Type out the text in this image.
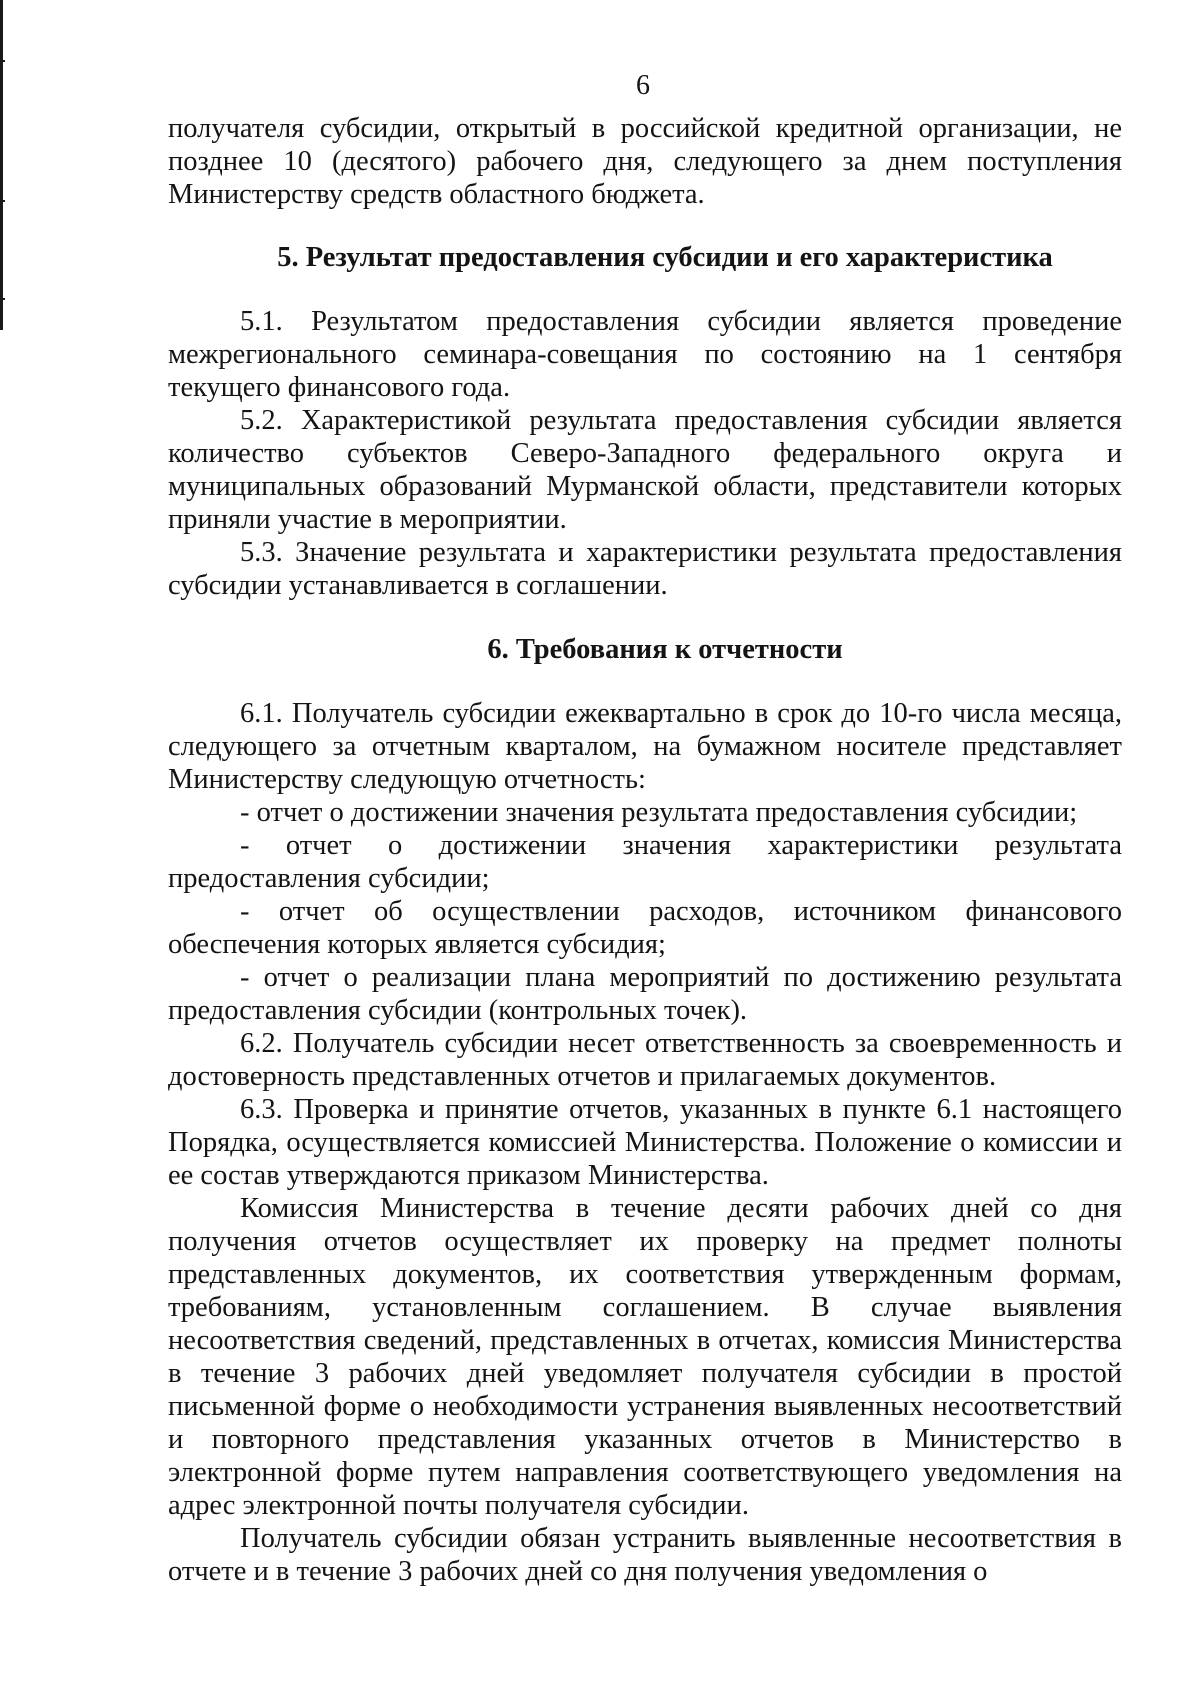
6

получателя субсидии, открытый в российской кредитной организации, не позднее 10 (десятого) рабочего дня, следующего за днем поступления Министерству средств областного бюджета.

5. Результат предоставления субсидии и его характеристика

5.1. Результатом предоставления субсидии является проведение межрегионального семинара-совещания по состоянию на 1 сентября текущего финансового года.

5.2. Характеристикой результата предоставления субсидии является количество субъектов Северо-Западного федерального округа и муниципальных образований Мурманской области, представители которых приняли участие в мероприятии.

5.3. Значение результата и характеристики результата предоставления субсидии устанавливается в соглашении.

6. Требования к отчетности

6.1. Получатель субсидии ежеквартально в срок до 10-го числа месяца, следующего за отчетным кварталом, на бумажном носителе представляет Министерству следующую отчетность:

- отчет о достижении значения результата предоставления субсидии;

- отчет о достижении значения характеристики результата предоставления субсидии;

- отчет об осуществлении расходов, источником финансового обеспечения которых является субсидия;

- отчет о реализации плана мероприятий по достижению результата предоставления субсидии (контрольных точек).

6.2. Получатель субсидии несет ответственность за своевременность и достоверность представленных отчетов и прилагаемых документов.

6.3. Проверка и принятие отчетов, указанных в пункте 6.1 настоящего Порядка, осуществляется комиссией Министерства. Положение о комиссии и ее состав утверждаются приказом Министерства.

Комиссия Министерства в течение десяти рабочих дней со дня получения отчетов осуществляет их проверку на предмет полноты представленных документов, их соответствия утвержденным формам, требованиям, установленным соглашением. В случае выявления несоответствия сведений, представленных в отчетах, комиссия Министерства в течение 3 рабочих дней уведомляет получателя субсидии в простой письменной форме о необходимости устранения выявленных несоответствий и повторного представления указанных отчетов в Министерство в электронной форме путем направления соответствующего уведомления на адрес электронной почты получателя субсидии.

Получатель субсидии обязан устранить выявленные несоответствия в отчете и в течение 3 рабочих дней со дня получения уведомления о
